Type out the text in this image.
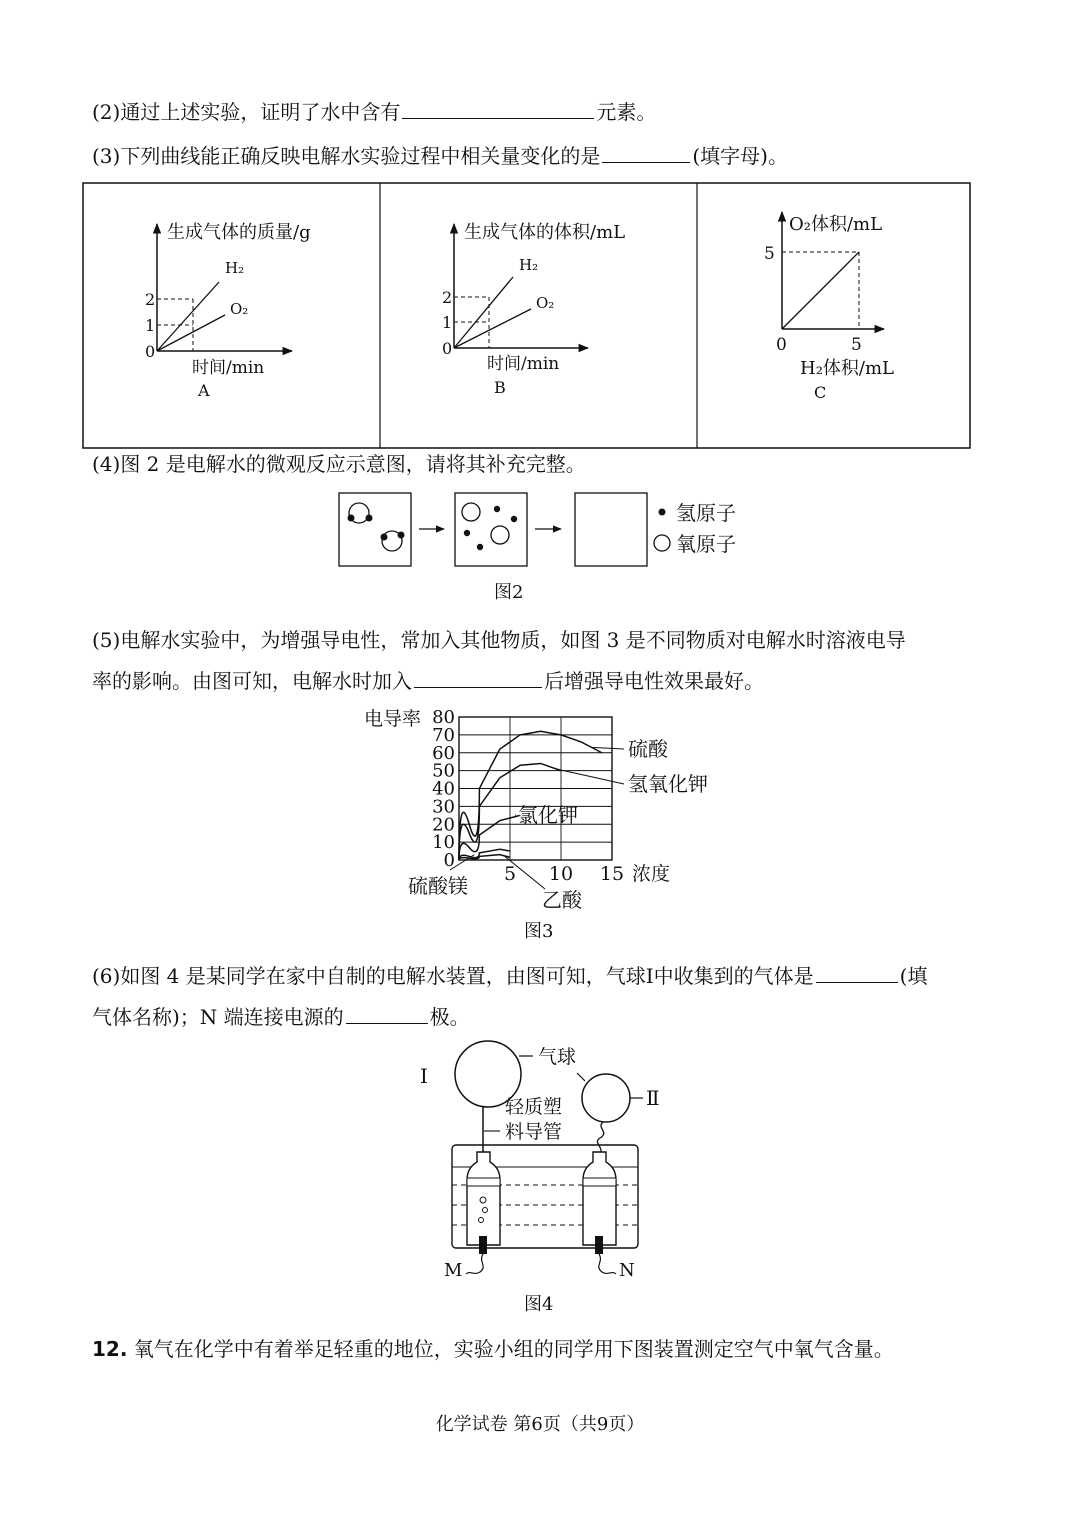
(2)通过上述实验，证明了水中含有	元素。
(3)下列曲线能正确反映电解水实验过程中相关量变化的是	(填字母)。
生成气体的质量/g
时间/min
A
2
1
0
H₂
O₂
生成气体的体积/mL
时间/min
B
2
1
0
H₂
O₂
O₂体积/mL
H₂体积/mL
C
5
5
0
氢原子
氧原子
图2
80
70
60
50
40
30
20
10
0
5 10 15
硫酸
氢氧化钾
氯化钾
硫酸镁
乙酸
电导率
浓度
图3
气球
Ⅰ
Ⅱ
轻质塑
料导管
M	N
图4
(4)图 2 是电解水的微观反应示意图，请将其补充完整。
(5)电解水实验中，为增强导电性，常加入其他物质，如图 3 是不同物质对电解水时溶液电导
率的影响。由图可知，电解水时加入	后增强导电性效果最好。
(6)如图 4 是某同学在家中自制的电解水装置，由图可知，气球Ⅰ中收集到的气体是	(填
气体名称)；N 端连接电源的	极。
12. 氧气在化学中有着举足轻重的地位，实验小组的同学用下图装置测定空气中氧气含量。
化学试卷 第6页（共9页）
